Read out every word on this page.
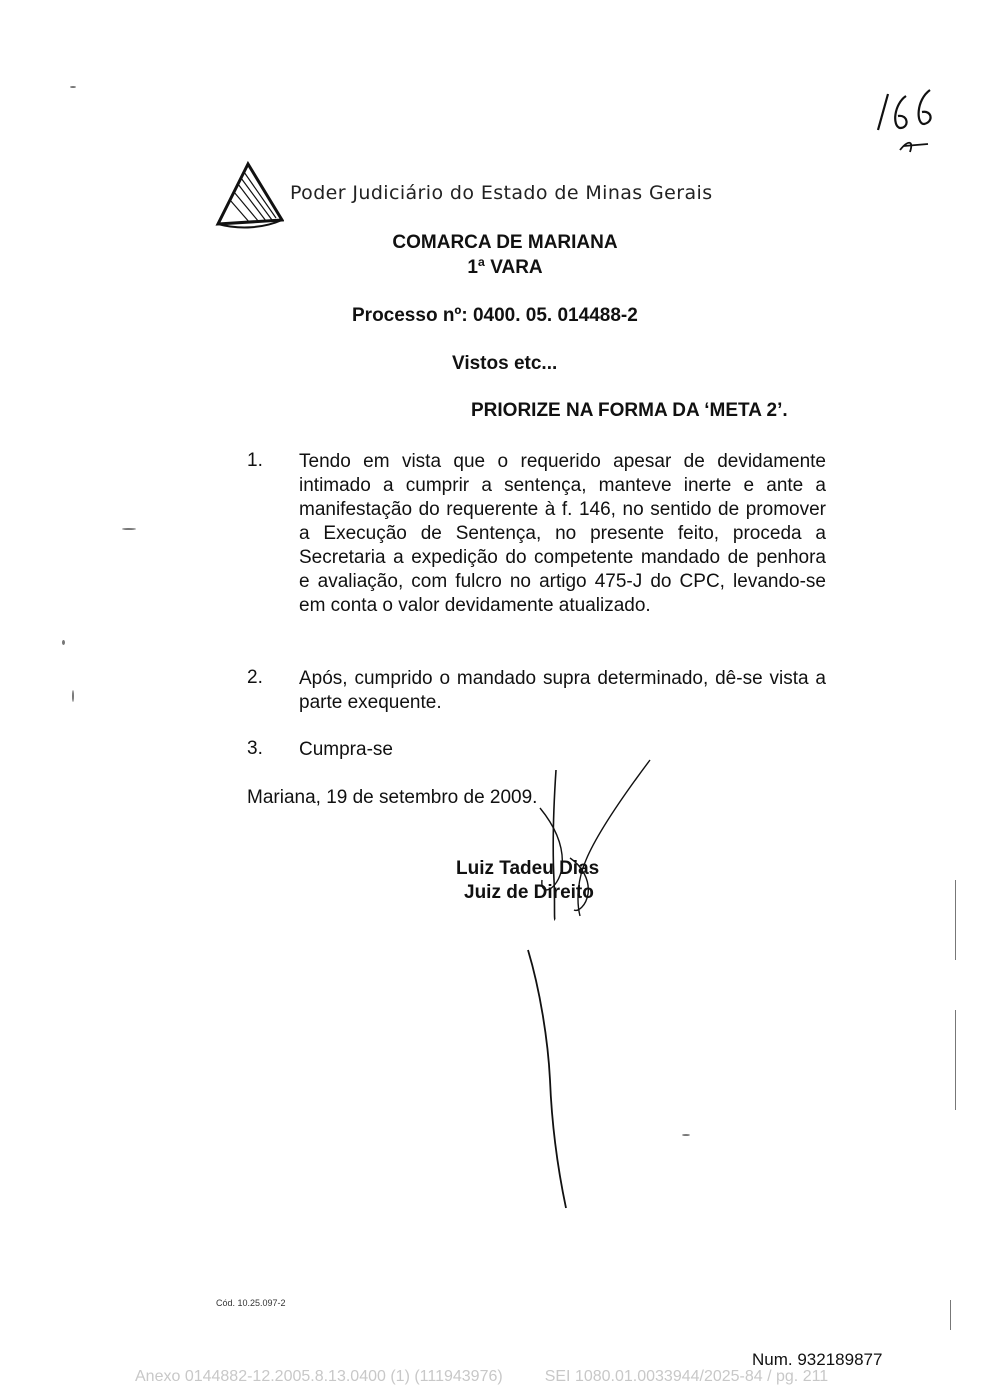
Poder Judiciário do Estado de Minas Gerais
COMARCA DE MARIANA
1ª VARA
Processo nº: 0400. 05. 014488-2
Vistos etc...
PRIORIZE NA FORMA DA ‘META 2’.
1. Tendo em vista que o requerido apesar de devidamente intimado a cumprir a sentença, manteve inerte e ante a manifestação do requerente à f. 146, no sentido de promover a Execução de Sentença, no presente feito, proceda a Secretaria a expedição do competente mandado de penhora e avaliação, com fulcro no artigo 475-J do CPC, levando-se em conta o valor devidamente atualizado.
2. Após, cumprido o mandado supra determinado, dê-se vista a parte exequente.
3. Cumpra-se
Mariana, 19 de setembro de 2009.
Luiz Tadeu Dias
Juiz de Direito
Cód. 10.25.097-2
Num. 932189877
Anexo 0144882-12.2005.8.13.0400 (1) (111943976)	SEI 1080.01.0033944/2025-84 / pg. 211
